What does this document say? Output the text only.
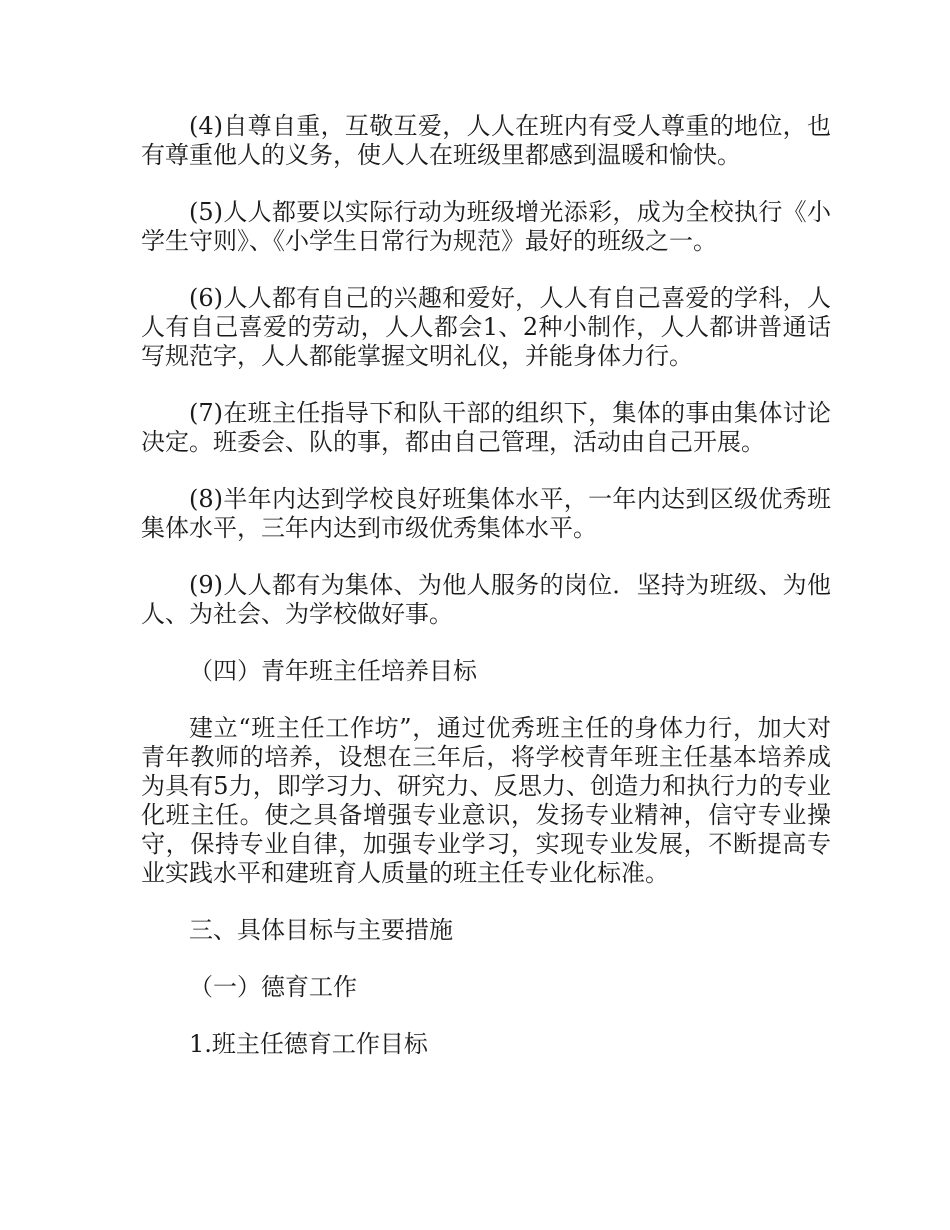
(4)自尊自重，互敬互爱，人人在班内有受人尊重的地位，也有尊重他人的义务，使人人在班级里都感到温暖和愉快。

(5)人人都要以实际行动为班级增光添彩，成为全校执行《小学生守则》、《小学生日常行为规范》最好的班级之一。

(6)人人都有自己的兴趣和爱好，人人有自己喜爱的学科，人人有自己喜爱的劳动，人人都会1、2种小制作，人人都讲普通话写规范字，人人都能掌握文明礼仪，并能身体力行。

(7)在班主任指导下和队干部的组织下，集体的事由集体讨论决定。班委会、队的事，都由自己管理，活动由自己开展。

(8)半年内达到学校良好班集体水平，一年内达到区级优秀班集体水平，三年内达到市级优秀集体水平。

(9)人人都有为集体、为他人服务的岗位．坚持为班级、为他人、为社会、为学校做好事。

（四）青年班主任培养目标

建立“班主任工作坊”，通过优秀班主任的身体力行，加大对青年教师的培养，设想在三年后，将学校青年班主任基本培养成为具有5力，即学习力、研究力、反思力、创造力和执行力的专业化班主任。使之具备增强专业意识，发扬专业精神，信守专业操守，保持专业自律，加强专业学习，实现专业发展，不断提高专业实践水平和建班育人质量的班主任专业化标准。

三、具体目标与主要措施

（一）德育工作

1.班主任德育工作目标
